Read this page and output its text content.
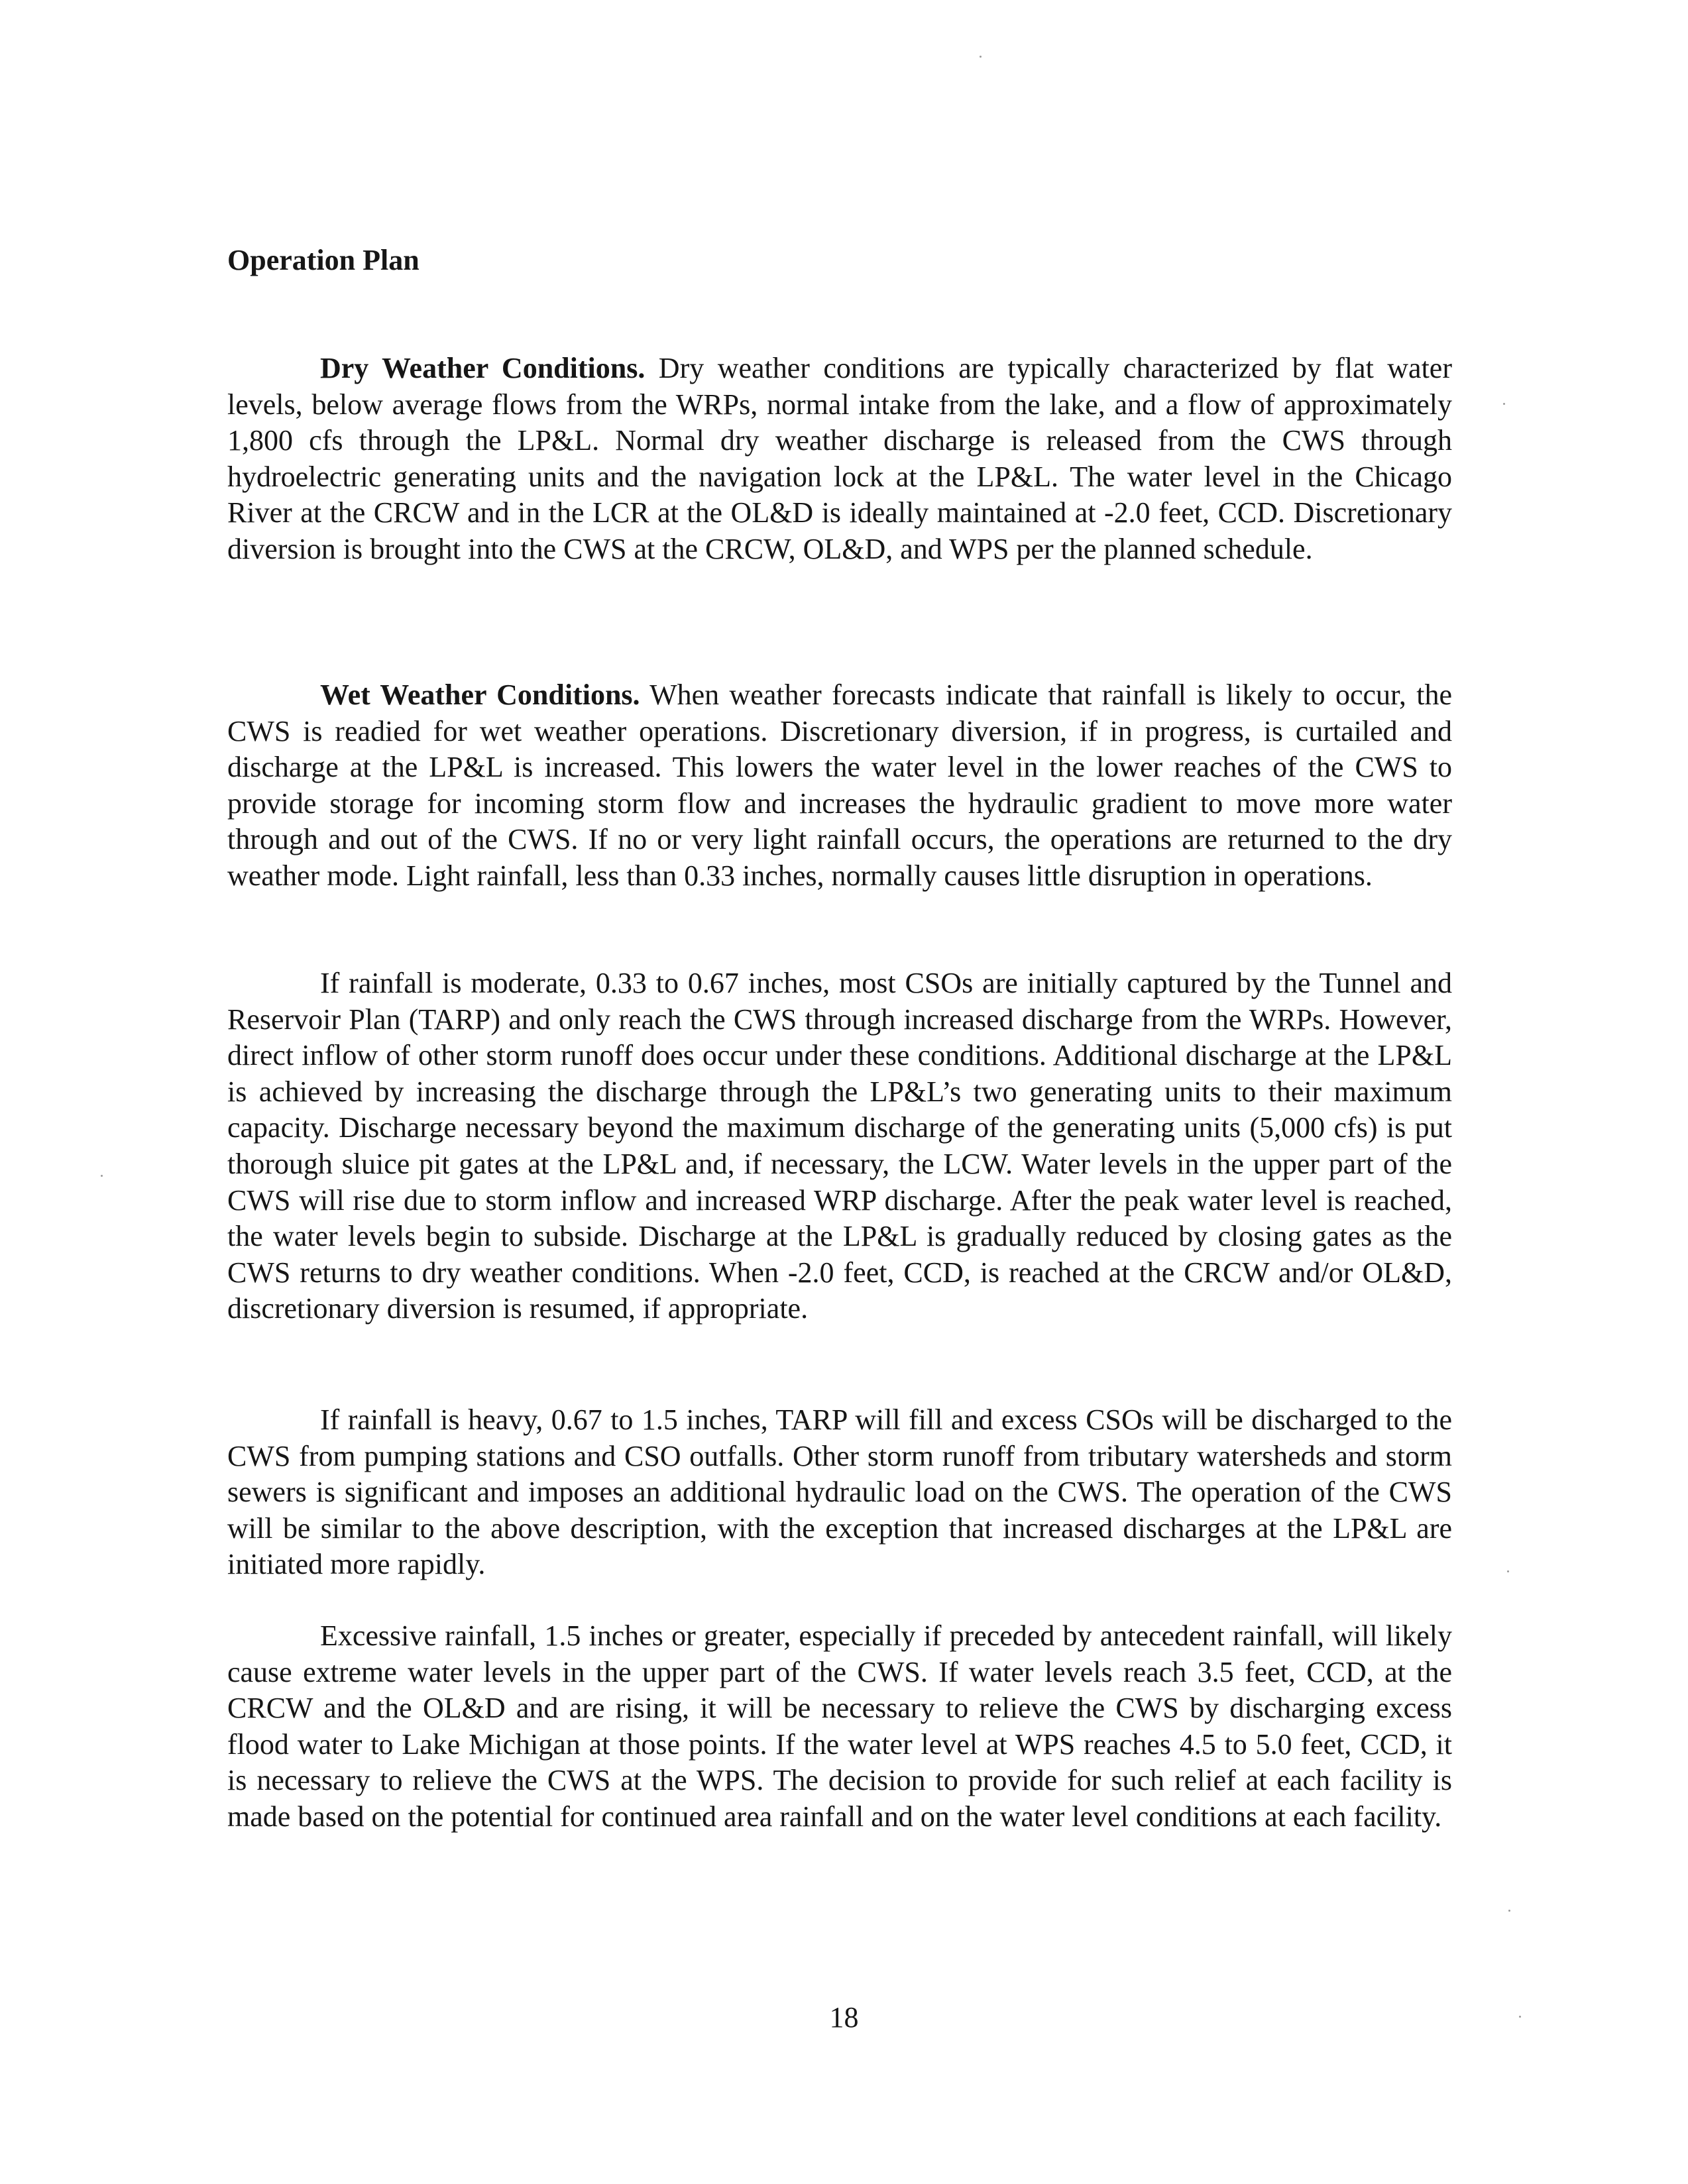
Operation Plan

Dry Weather Conditions. Dry weather conditions are typically characterized by flat water levels, below average flows from the WRPs, normal intake from the lake, and a flow of approximately 1,800 cfs through the LP&L. Normal dry weather discharge is released from the CWS through hydroelectric generating units and the navigation lock at the LP&L. The water level in the Chicago River at the CRCW and in the LCR at the OL&D is ideally maintained at -2.0 feet, CCD. Discretionary diversion is brought into the CWS at the CRCW, OL&D, and WPS per the planned schedule.

Wet Weather Conditions. When weather forecasts indicate that rainfall is likely to occur, the CWS is readied for wet weather operations. Discretionary diversion, if in progress, is curtailed and discharge at the LP&L is increased. This lowers the water level in the lower reaches of the CWS to provide storage for incoming storm flow and increases the hydraulic gradient to move more water through and out of the CWS. If no or very light rainfall occurs, the operations are returned to the dry weather mode. Light rainfall, less than 0.33 inches, normally causes little disruption in operations.

If rainfall is moderate, 0.33 to 0.67 inches, most CSOs are initially captured by the Tunnel and Reservoir Plan (TARP) and only reach the CWS through increased discharge from the WRPs. However, direct inflow of other storm runoff does occur under these conditions. Additional discharge at the LP&L is achieved by increasing the discharge through the LP&L’s two generating units to their maximum capacity. Discharge necessary beyond the maximum discharge of the generating units (5,000 cfs) is put thorough sluice pit gates at the LP&L and, if necessary, the LCW. Water levels in the upper part of the CWS will rise due to storm inflow and increased WRP discharge. After the peak water level is reached, the water levels begin to subside. Discharge at the LP&L is gradually reduced by closing gates as the CWS returns to dry weather conditions. When -2.0 feet, CCD, is reached at the CRCW and/or OL&D, discretionary diversion is resumed, if appropriate.

If rainfall is heavy, 0.67 to 1.5 inches, TARP will fill and excess CSOs will be discharged to the CWS from pumping stations and CSO outfalls. Other storm runoff from tributary watersheds and storm sewers is significant and imposes an additional hydraulic load on the CWS. The operation of the CWS will be similar to the above description, with the exception that increased discharges at the LP&L are initiated more rapidly.

Excessive rainfall, 1.5 inches or greater, especially if preceded by antecedent rainfall, will likely cause extreme water levels in the upper part of the CWS. If water levels reach 3.5 feet, CCD, at the CRCW and the OL&D and are rising, it will be necessary to relieve the CWS by discharging excess flood water to Lake Michigan at those points. If the water level at WPS reaches 4.5 to 5.0 feet, CCD, it is necessary to relieve the CWS at the WPS. The decision to provide for such relief at each facility is made based on the potential for continued area rainfall and on the water level conditions at each facility.

18
